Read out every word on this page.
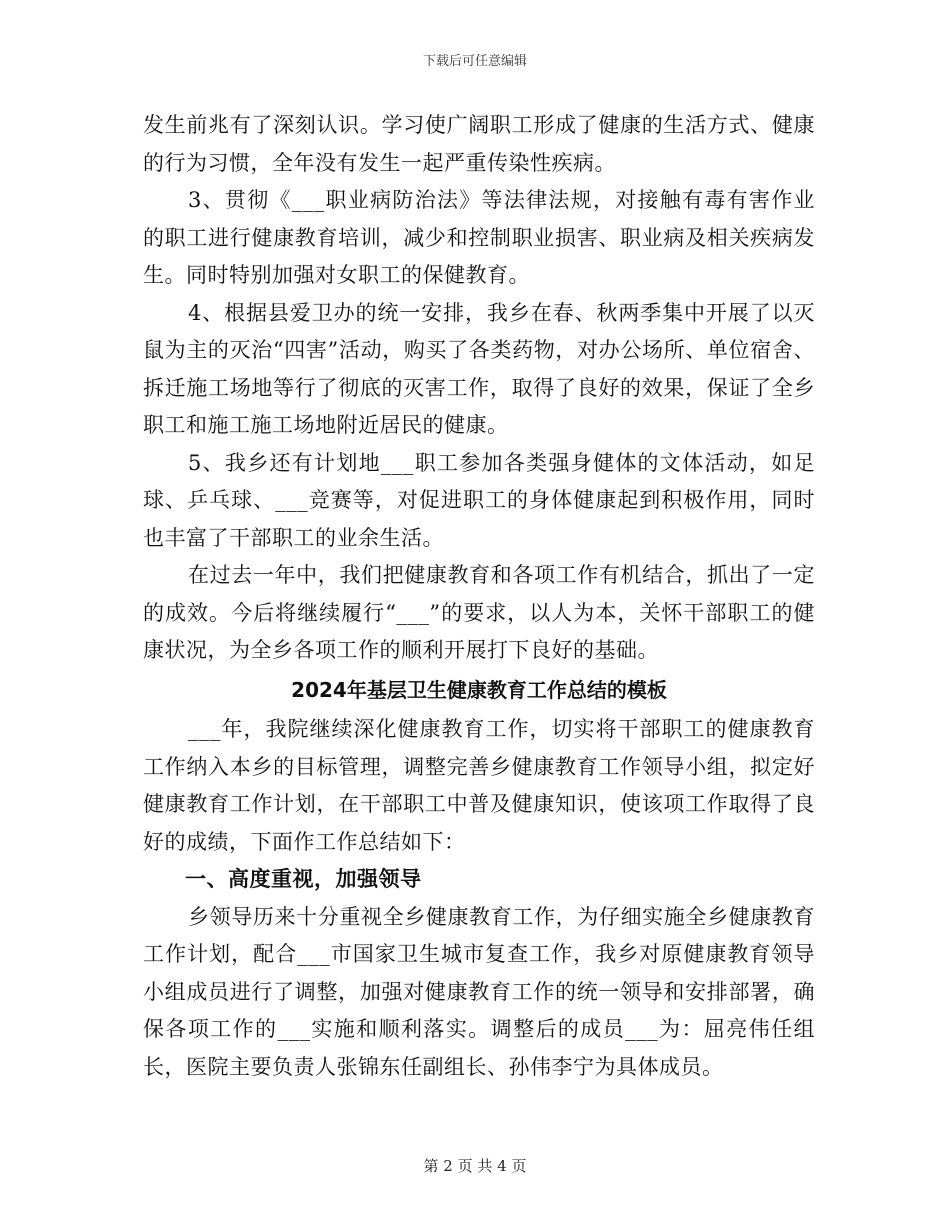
下载后可任意编辑

发生前兆有了深刻认识。学习使广阔职工形成了健康的生活方式、健康的行为习惯，全年没有发生一起严重传染性疾病。

3、贯彻《___职业病防治法》等法律法规，对接触有毒有害作业的职工进行健康教育培训，减少和控制职业损害、职业病及相关疾病发生。同时特别加强对女职工的保健教育。

4、根据县爱卫办的统一安排，我乡在春、秋两季集中开展了以灭鼠为主的灭治“四害”活动，购买了各类药物，对办公场所、单位宿舍、拆迁施工场地等行了彻底的灭害工作，取得了良好的效果，保证了全乡职工和施工施工场地附近居民的健康。

5、我乡还有计划地___职工参加各类强身健体的文体活动，如足球、乒乓球、___竞赛等，对促进职工的身体健康起到积极作用，同时也丰富了干部职工的业余生活。

在过去一年中，我们把健康教育和各项工作有机结合，抓出了一定的成效。今后将继续履行“___”的要求，以人为本，关怀干部职工的健康状况，为全乡各项工作的顺利开展打下良好的基础。

2024年基层卫生健康教育工作总结的模板

___年，我院继续深化健康教育工作，切实将干部职工的健康教育工作纳入本乡的目标管理，调整完善乡健康教育工作领导小组，拟定好健康教育工作计划，在干部职工中普及健康知识，使该项工作取得了良好的成绩，下面作工作总结如下：

一、高度重视，加强领导

乡领导历来十分重视全乡健康教育工作，为仔细实施全乡健康教育工作计划，配合___市国家卫生城市复查工作，我乡对原健康教育领导小组成员进行了调整，加强对健康教育工作的统一领导和安排部署，确保各项工作的___实施和顺利落实。调整后的成员___为：屈亮伟任组长，医院主要负责人张锦东任副组长、孙伟李宁为具体成员。

第 2 页 共 4 页
